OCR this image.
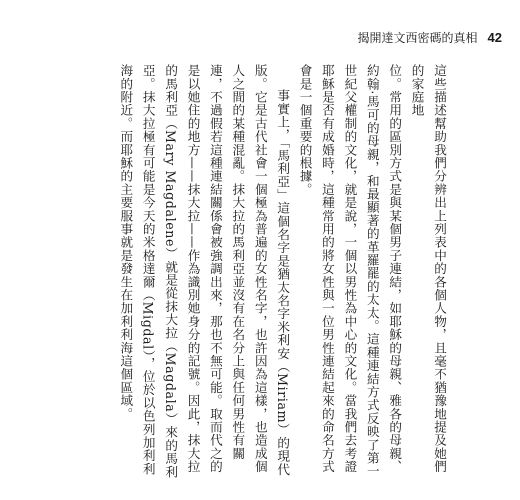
揭開達文西密碼的真相 42

這些描述幫助我們分辨出上列表中的各個人物，且毫不猶豫地提及她們的家庭地

位。常用的區別方式是與某個男子連結，如耶穌的母親、雅各的母親、約翰‧馬可的母親，和最顯著的革羅罷的太太。這種連結方式反映了第一世紀父權制的文化，就是說，一個以男性為中心的文化。當我們去考證耶穌是否有成婚時，這種常用的將女性與一位男性連結起來的命名方式會是一個重要的根據。

事實上，「馬利亞」這個名字是猶太名字米利安（Miriam）的現代版。它是古代社會一個極為普遍的女性名字，也許因為這樣，也造成個人之間的某種混亂。抹大拉的馬利亞並沒有在名分上與任何男性有關連，不過假若這種連結關係會被強調出來，那也不無可能。取而代之的是以她住的地方——抹大拉——作為識別她身分的記號。因此，抹大拉的馬利亞（Mary Magdalene）就是從抹大拉（Magdala）來的馬利亞。抹大拉極有可能是今天的米格達爾（Migdal），位於以色列加利利海的附近。而耶穌的主要服事就是發生在加利利海這個區域。
